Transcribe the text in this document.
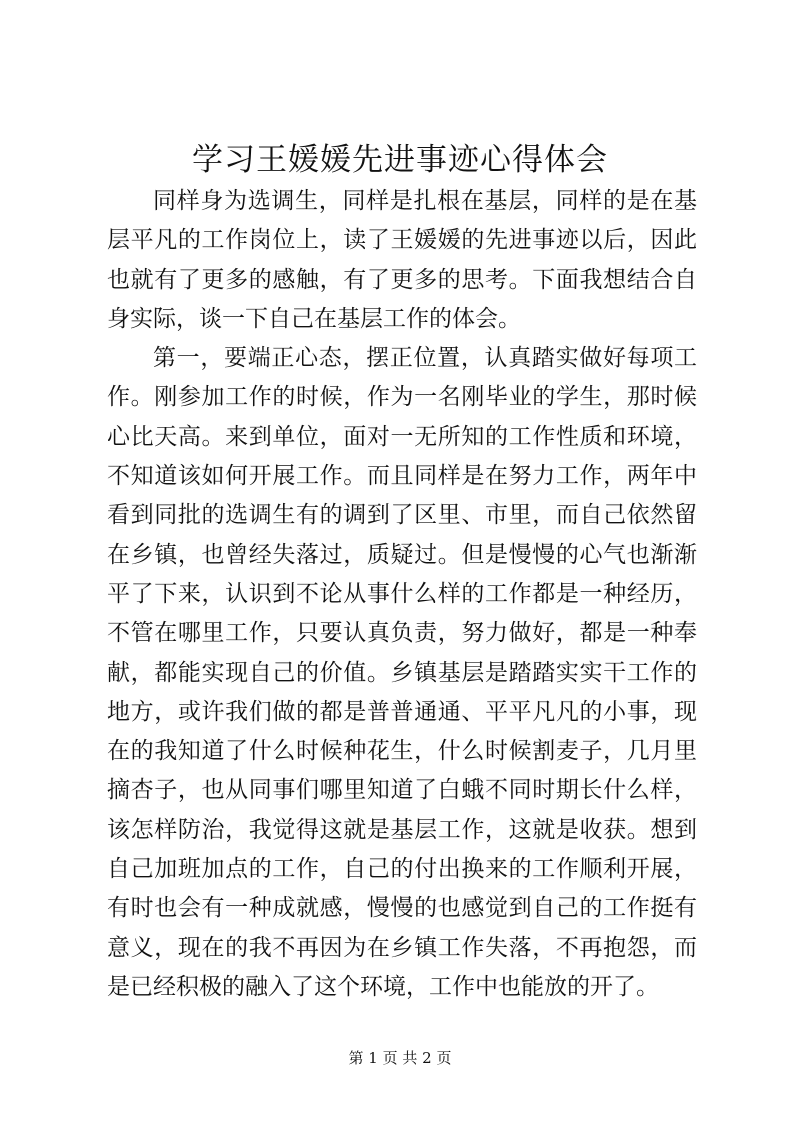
学习王媛媛先进事迹心得体会

同样身为选调生，同样是扎根在基层，同样的是在基层平凡的工作岗位上，读了王媛媛的先进事迹以后，因此也就有了更多的感触，有了更多的思考。下面我想结合自身实际，谈一下自己在基层工作的体会。

第一，要端正心态，摆正位置，认真踏实做好每项工作。刚参加工作的时候，作为一名刚毕业的学生，那时候心比天高。来到单位，面对一无所知的工作性质和环境，不知道该如何开展工作。而且同样是在努力工作，两年中看到同批的选调生有的调到了区里、市里，而自己依然留在乡镇，也曾经失落过，质疑过。但是慢慢的心气也渐渐平了下来，认识到不论从事什么样的工作都是一种经历，不管在哪里工作，只要认真负责，努力做好，都是一种奉献，都能实现自己的价值。乡镇基层是踏踏实实干工作的地方，或许我们做的都是普普通通、平平凡凡的小事，现在的我知道了什么时候种花生，什么时候割麦子，几月里摘杏子，也从同事们哪里知道了白蛾不同时期长什么样，该怎样防治，我觉得这就是基层工作，这就是收获。想到自己加班加点的工作，自己的付出换来的工作顺利开展，有时也会有一种成就感，慢慢的也感觉到自己的工作挺有意义，现在的我不再因为在乡镇工作失落，不再抱怨，而是已经积极的融入了这个环境，工作中也能放的开了。

第 1 页 共 2 页
